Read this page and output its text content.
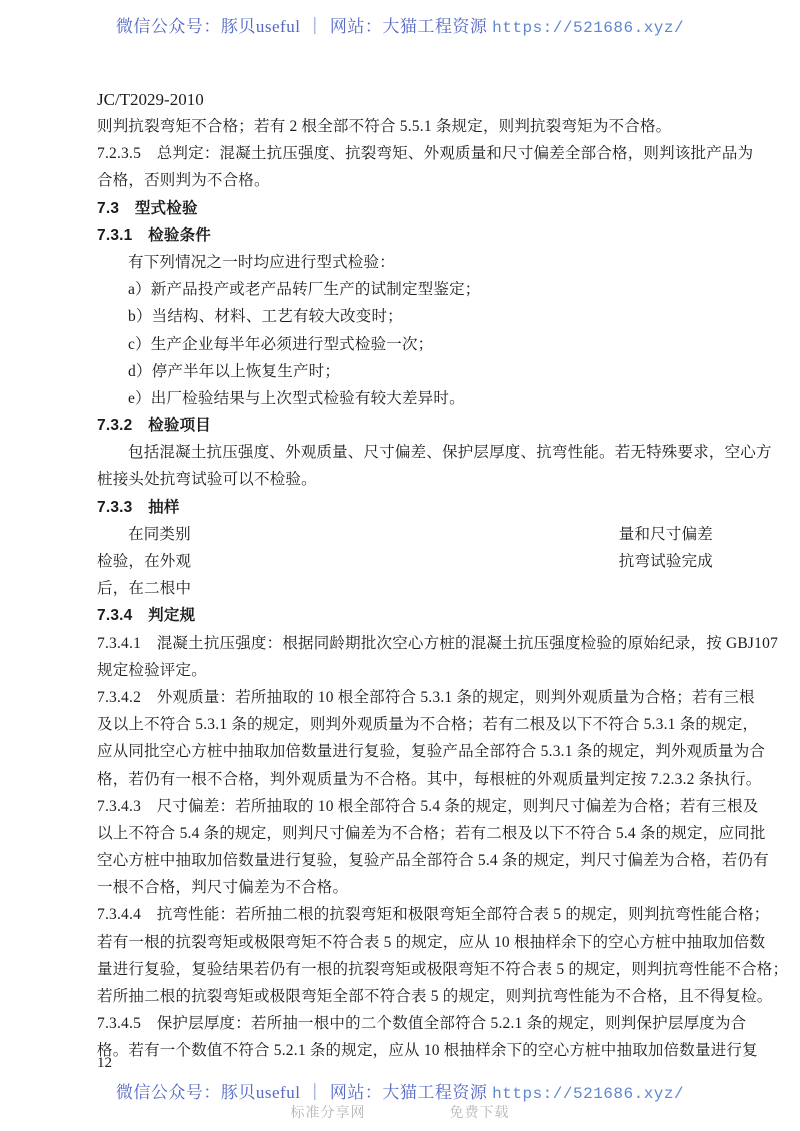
微信公众号：豚贝useful ｜ 网站：大猫工程资源 https://521686.xyz/
JC/T2029-2010
则判抗裂弯矩不合格；若有 2 根全部不符合 5.5.1 条规定，则判抗裂弯矩为不合格。
7.2.3.5　总判定：混凝土抗压强度、抗裂弯矩、外观质量和尺寸偏差全部合格，则判该批产品为
合格，否则判为不合格。
7.3　型式检验
7.3.1　检验条件
有下列情况之一时均应进行型式检验：
a）新产品投产或老产品转厂生产的试制定型鉴定；
b）当结构、材料、工艺有较大改变时；
c）生产企业每半年必须进行型式检验一次；
d）停产半年以上恢复生产时；
e）出厂检验结果与上次型式检验有较大差异时。
7.3.2　检验项目
包括混凝土抗压强度、外观质量、尺寸偏差、保护层厚度、抗弯性能。若无特殊要求，空心方
桩接头处抗弯试验可以不检验。
7.3.3　抽样
在同类别	量和尺寸偏差
检验，在外观	抗弯试验完成
后，在二根中
7.3.4　判定规
7.3.4.1　混凝土抗压强度：根据同龄期批次空心方桩的混凝土抗压强度检验的原始纪录，按 GBJ107
规定检验评定。
7.3.4.2　外观质量：若所抽取的 10 根全部符合 5.3.1 条的规定，则判外观质量为合格；若有三根
及以上不符合 5.3.1 条的规定，则判外观质量为不合格；若有二根及以下不符合 5.3.1 条的规定，
应从同批空心方桩中抽取加倍数量进行复验，复验产品全部符合 5.3.1 条的规定，判外观质量为合
格，若仍有一根不合格，判外观质量为不合格。其中，每根桩的外观质量判定按 7.2.3.2 条执行。
7.3.4.3　尺寸偏差：若所抽取的 10 根全部符合 5.4 条的规定，则判尺寸偏差为合格；若有三根及
以上不符合 5.4 条的规定，则判尺寸偏差为不合格；若有二根及以下不符合 5.4 条的规定，应同批
空心方桩中抽取加倍数量进行复验，复验产品全部符合 5.4 条的规定，判尺寸偏差为合格，若仍有
一根不合格，判尺寸偏差为不合格。
7.3.4.4　抗弯性能：若所抽二根的抗裂弯矩和极限弯矩全部符合表 5 的规定，则判抗弯性能合格；
若有一根的抗裂弯矩或极限弯矩不符合表 5 的规定，应从 10 根抽样余下的空心方桩中抽取加倍数
量进行复验，复验结果若仍有一根的抗裂弯矩或极限弯矩不符合表 5 的规定，则判抗弯性能不合格；
若所抽二根的抗裂弯矩或极限弯矩全部不符合表 5 的规定，则判抗弯性能为不合格，且不得复检。
7.3.4.5　保护层厚度：若所抽一根中的二个数值全部符合 5.2.1 条的规定，则判保护层厚度为合
格。若有一个数值不符合 5.2.1 条的规定，应从 10 根抽样余下的空心方桩中抽取加倍数量进行复
12
微信公众号：豚贝useful ｜ 网站：大猫工程资源 https://521686.xyz/
标准分享网	免费下载
